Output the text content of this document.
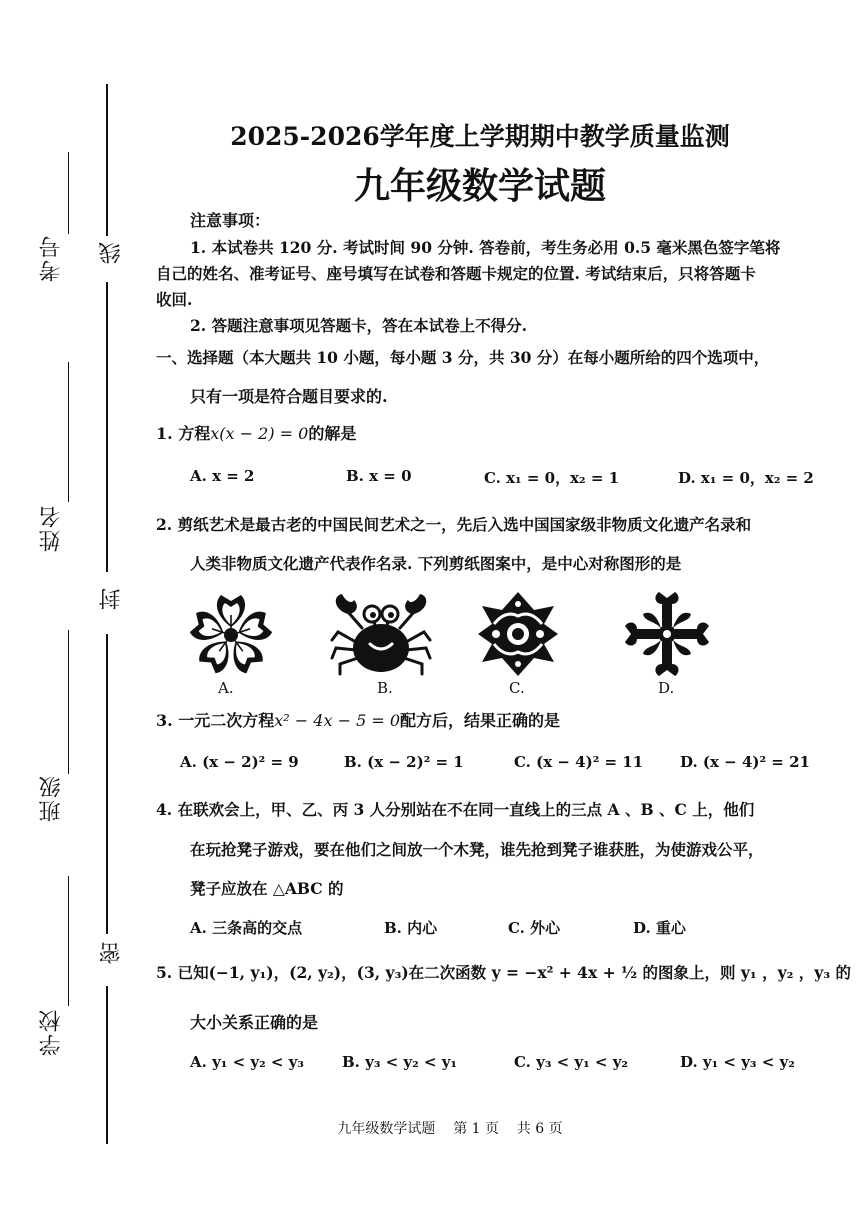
线
封
密
考号
姓名
班级
学校
2025-2026学年度上学期期中教学质量监测
九年级数学试题
注意事项：
1. 本试卷共 120 分. 考试时间 90 分钟. 答卷前，考生务必用 0.5 毫米黑色签字笔将
自己的姓名、准考证号、座号填写在试卷和答题卡规定的位置. 考试结束后，只将答题卡
收回.
2. 答题注意事项见答题卡，答在本试卷上不得分.
一、选择题（本大题共 10 小题，每小题 3 分，共 30 分）在每小题所给的四个选项中，
只有一项是符合题目要求的.
1. 方程x(x − 2) = 0的解是
A. x = 2	B. x = 0	C. x₁ = 0，x₂ = 1	D. x₁ = 0，x₂ = 2
2. 剪纸艺术是最古老的中国民间艺术之一，先后入选中国国家级非物质文化遗产名录和
人类非物质文化遗产代表作名录. 下列剪纸图案中，是中心对称图形的是
A.	B.	C.	D.
3. 一元二次方程x² − 4x − 5 = 0配方后，结果正确的是
A. (x − 2)² = 9	B. (x − 2)² = 1	C. (x − 4)² = 11 D. (x − 4)² = 21
4. 在联欢会上，甲、乙、丙 3 人分别站在不在同一直线上的三点 A 、B 、C 上，他们
在玩抢凳子游戏，要在他们之间放一个木凳，谁先抢到凳子谁获胜，为使游戏公平，
凳子应放在 △ABC 的
A. 三条高的交点	B. 内心	C. 外心	D. 重心
5. 已知(−1, y₁)，(2, y₂)，(3, y₃)在二次函数 y = −x² + 4x + ½ 的图象上，则 y₁ ，y₂ ，y₃ 的
大小关系正确的是
A. y₁ < y₂ < y₃	B. y₃ < y₂ < y₁	C. y₃ < y₁ < y₂	D. y₁ < y₃ < y₂
九年级数学试题    第 1 页    共 6 页
